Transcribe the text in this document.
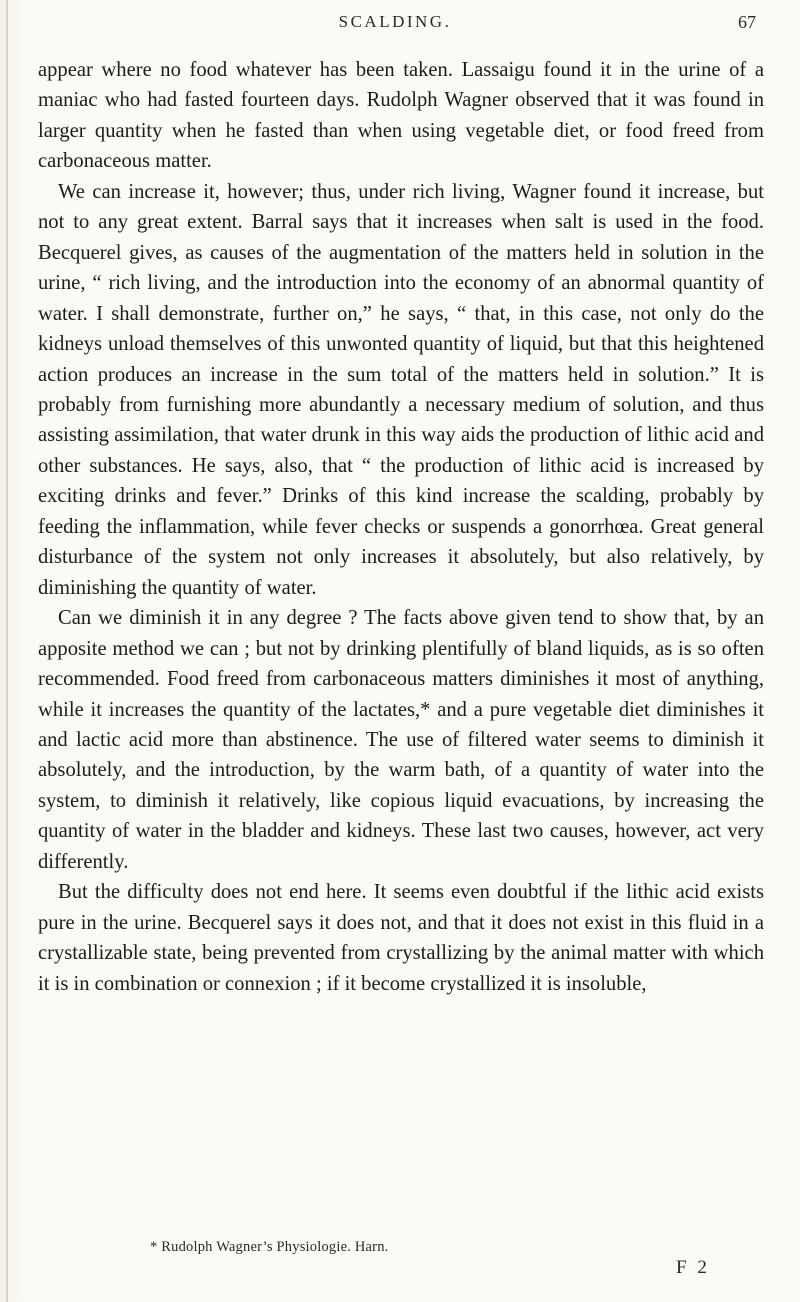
SCALDING.	67

appear where no food whatever has been taken. Lassaigu found it in the urine of a maniac who had fasted fourteen days. Rudolph Wagner observed that it was found in larger quantity when he fasted than when using vegetable diet, or food freed from carbonaceous matter.

We can increase it, however; thus, under rich living, Wagner found it increase, but not to any great extent. Barral says that it increases when salt is used in the food. Becquerel gives, as causes of the augmentation of the matters held in solution in the urine, “ rich living, and the introduction into the economy of an abnormal quantity of water. I shall demonstrate, further on,” he says, “ that, in this case, not only do the kidneys unload themselves of this unwonted quantity of liquid, but that this heightened action produces an increase in the sum total of the matters held in solution.” It is probably from furnishing more abundantly a necessary medium of solution, and thus assisting assimilation, that water drunk in this way aids the production of lithic acid and other substances. He says, also, that “ the production of lithic acid is increased by exciting drinks and fever.” Drinks of this kind increase the scalding, probably by feeding the inflammation, while fever checks or suspends a gonorrhœa. Great general disturbance of the system not only increases it absolutely, but also relatively, by diminishing the quantity of water.

Can we diminish it in any degree ? The facts above given tend to show that, by an apposite method we can ; but not by drinking plentifully of bland liquids, as is so often recommended. Food freed from carbonaceous matters diminishes it most of anything, while it increases the quantity of the lactates,* and a pure vegetable diet diminishes it and lactic acid more than abstinence. The use of filtered water seems to diminish it absolutely, and the introduction, by the warm bath, of a quantity of water into the system, to diminish it relatively, like copious liquid evacuations, by increasing the quantity of water in the bladder and kidneys. These last two causes, however, act very differently.

But the difficulty does not end here. It seems even doubtful if the lithic acid exists pure in the urine. Becquerel says it does not, and that it does not exist in this fluid in a crystallizable state, being prevented from crystallizing by the animal matter with which it is in combination or connexion ; if it become crystallized it is insoluble,

* Rudolph Wagner’s Physiologie. Harn.
F 2
